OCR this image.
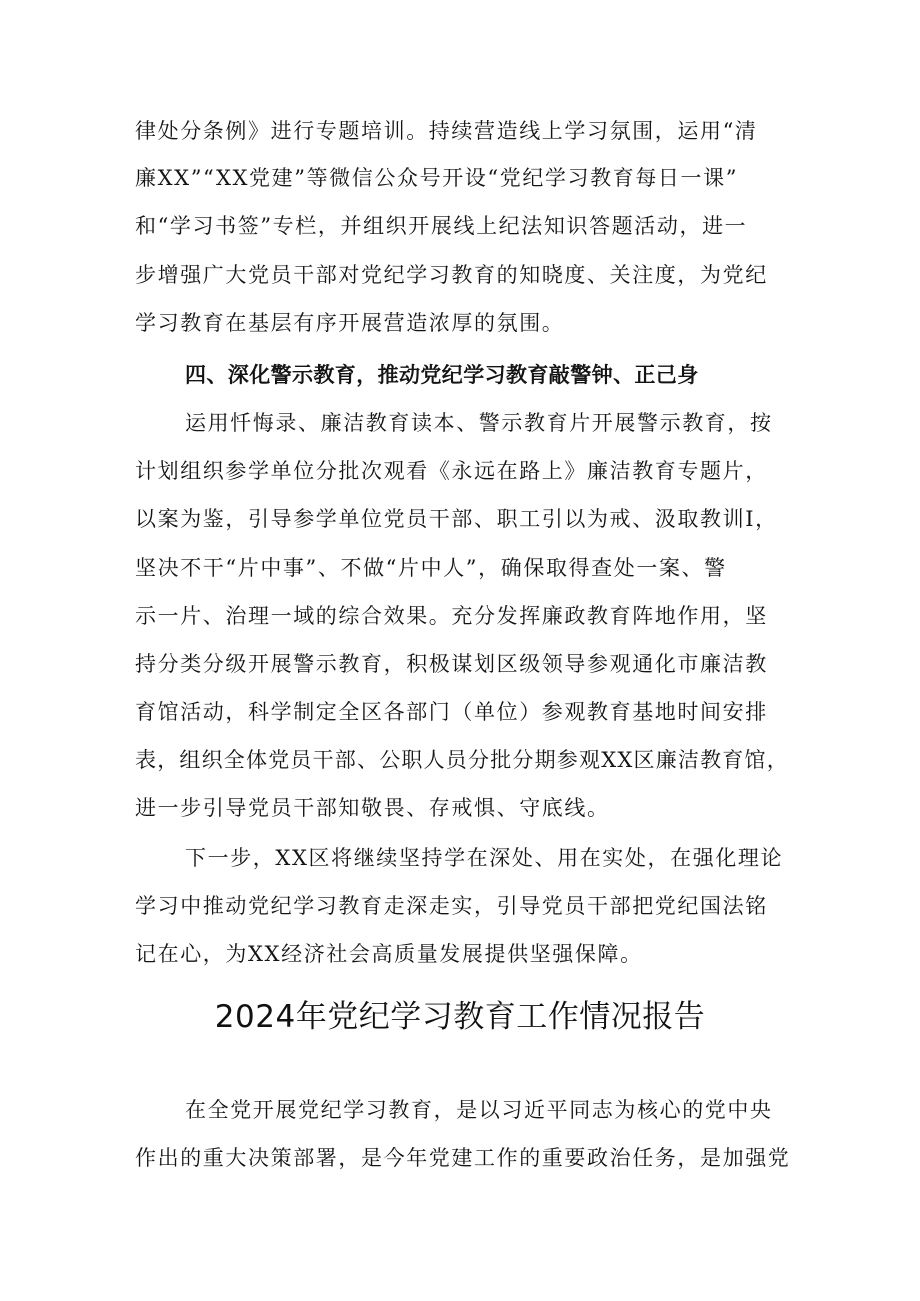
律处分条例》进行专题培训。持续营造线上学习氛围，运用“清
廉XX”“XX党建”等微信公众号开设“党纪学习教育每日一课”
和“学习书签”专栏，并组织开展线上纪法知识答题活动，进一
步增强广大党员干部对党纪学习教育的知晓度、关注度，为党纪
学习教育在基层有序开展营造浓厚的氛围。
四、深化警示教育，推动党纪学习教育敲警钟、正己身
运用忏悔录、廉洁教育读本、警示教育片开展警示教育，按
计划组织参学单位分批次观看《永远在路上》廉洁教育专题片，
以案为鉴，引导参学单位党员干部、职工引以为戒、汲取教训I，
坚决不干“片中事”、不做“片中人”，确保取得查处一案、警
示一片、治理一域的综合效果。充分发挥廉政教育阵地作用，坚
持分类分级开展警示教育，积极谋划区级领导参观通化市廉洁教
育馆活动，科学制定全区各部门（单位）参观教育基地时间安排
表，组织全体党员干部、公职人员分批分期参观XX区廉洁教育馆，
进一步引导党员干部知敬畏、存戒惧、守底线。
下一步，XX区将继续坚持学在深处、用在实处，在强化理论
学习中推动党纪学习教育走深走实，引导党员干部把党纪国法铭
记在心，为XX经济社会高质量发展提供坚强保障。
2024年党纪学习教育工作情况报告
在全党开展党纪学习教育，是以习近平同志为核心的党中央
作出的重大决策部署，是今年党建工作的重要政治任务，是加强党
